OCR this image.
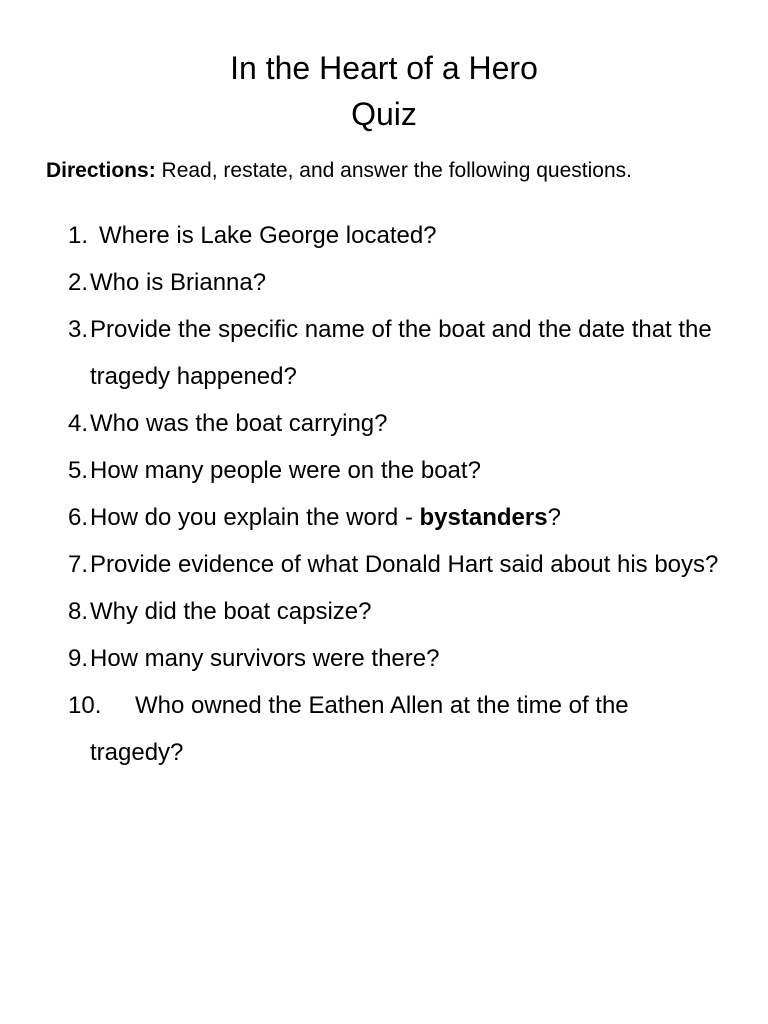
In the Heart of a Hero
Quiz
Directions: Read, restate, and answer the following questions.
1. Where is Lake George located?
2. Who is Brianna?
3. Provide the specific name of the boat and the date that the tragedy happened?
4. Who was the boat carrying?
5. How many people were on the boat?
6. How do you explain the word - bystanders?
7. Provide evidence of what Donald Hart said about his boys?
8. Why did the boat capsize?
9. How many survivors were there?
10. Who owned the Eathen Allen at the time of the tragedy?
